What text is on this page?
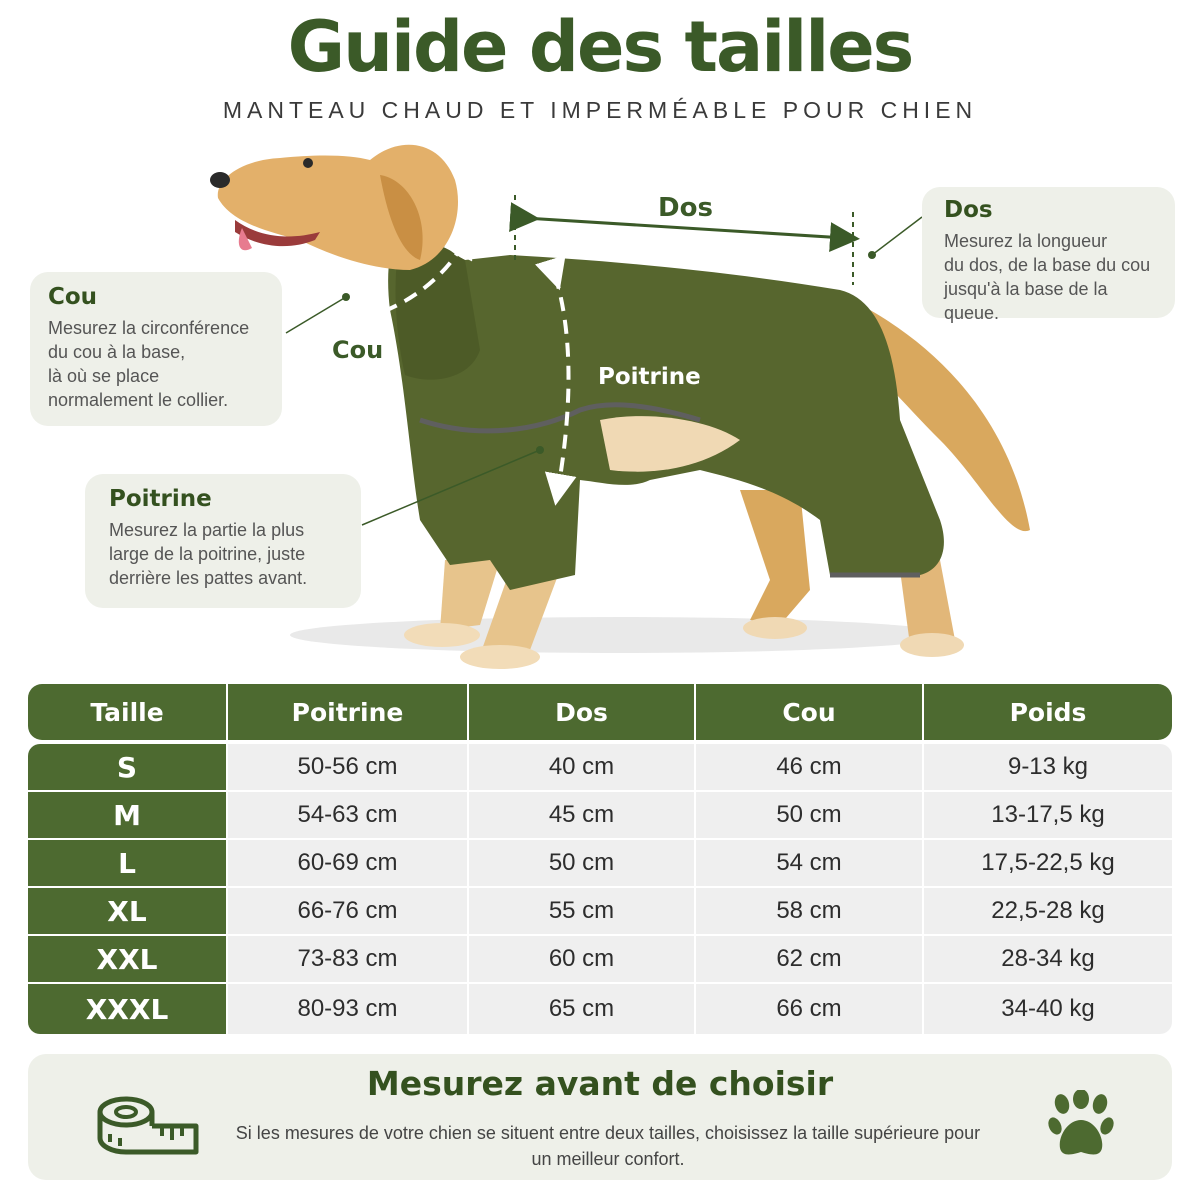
Guide des tailles
MANTEAU CHAUD ET IMPERMÉABLE POUR CHIEN
Dos
Cou
Poitrine
Cou

Mesurez la circonférence
du cou à la base,
là où se place
normalement le collier.

Dos

Mesurez la longueur
du dos, de la base du cou
jusqu'à la base de la queue.

Poitrine

Mesurez la partie la plus
large de la poitrine, juste
derrière les pattes avant.

Taille	Poitrine	Dos	Cou	Poids
S	50-56 cm	40 cm	46 cm	9-13 kg
M	54-63 cm	45 cm	50 cm	13-17,5 kg
L	60-69 cm	50 cm	54 cm	17,5-22,5 kg
XL	66-76 cm	55 cm	58 cm	22,5-28 kg
XXL	73-83 cm	60 cm	62 cm	28-34 kg
XXXL	80-93 cm	65 cm	66 cm	34-40 kg
Mesurez avant de choisir

Si les mesures de votre chien se situent entre deux tailles, choisissez la taille supérieure pour un meilleur confort.
